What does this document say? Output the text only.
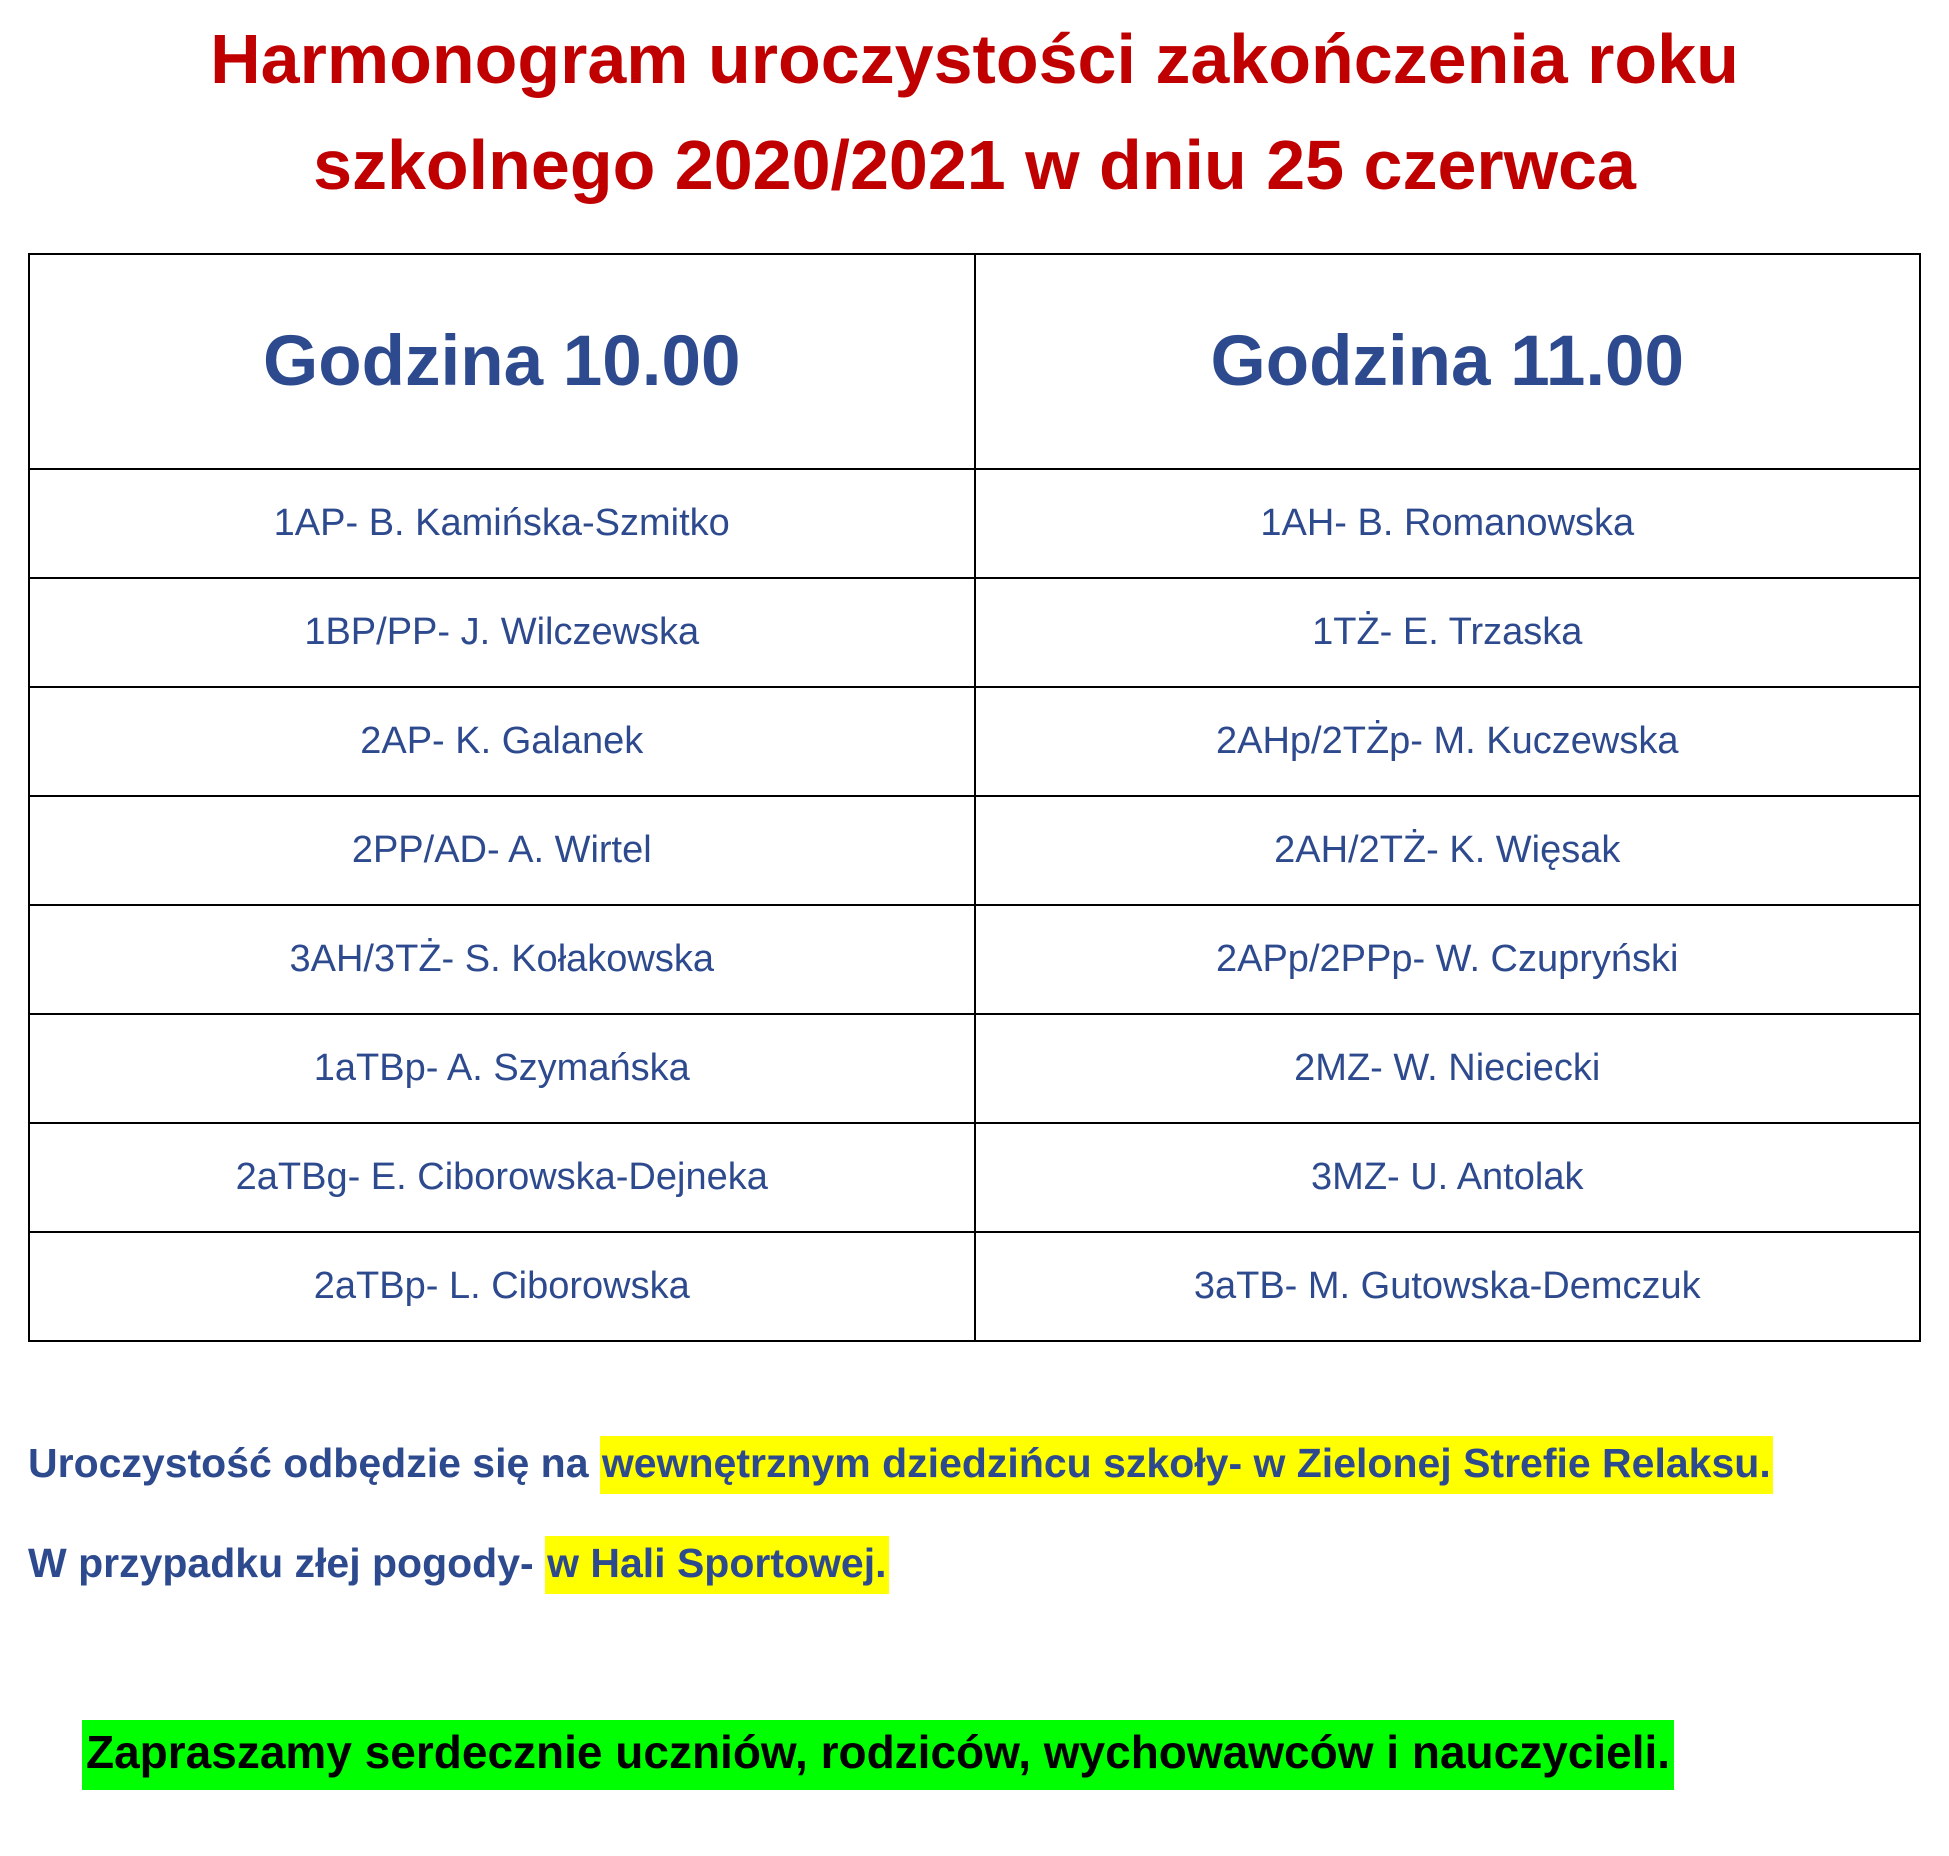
Harmonogram uroczystości zakończenia roku
szkolnego 2020/2021 w dniu 25 czerwca
Godzina 10.00	Godzina 11.00
1AP- B. Kamińska-Szmitko	1AH- B. Romanowska
1BP/PP- J. Wilczewska	1TŻ- E. Trzaska
2AP- K. Galanek	2AHp/2TŻp- M. Kuczewska
2PP/AD- A. Wirtel	2AH/2TŻ- K. Więsak
3AH/3TŻ- S. Kołakowska	2APp/2PPp- W. Czupryński
1aTBp- A. Szymańska	2MZ- W. Nieciecki
2aTBg- E. Ciborowska-Dejneka	3MZ- U. Antolak
2aTBp- L. Ciborowska	3aTB- M. Gutowska-Demczuk

Uroczystość odbędzie się na wewnętrznym dziedzińcu szkoły- w Zielonej Strefie Relaksu.

W przypadku złej pogody- w Hali Sportowej.

Zapraszamy serdecznie uczniów, rodziców, wychowawców i nauczycieli.
